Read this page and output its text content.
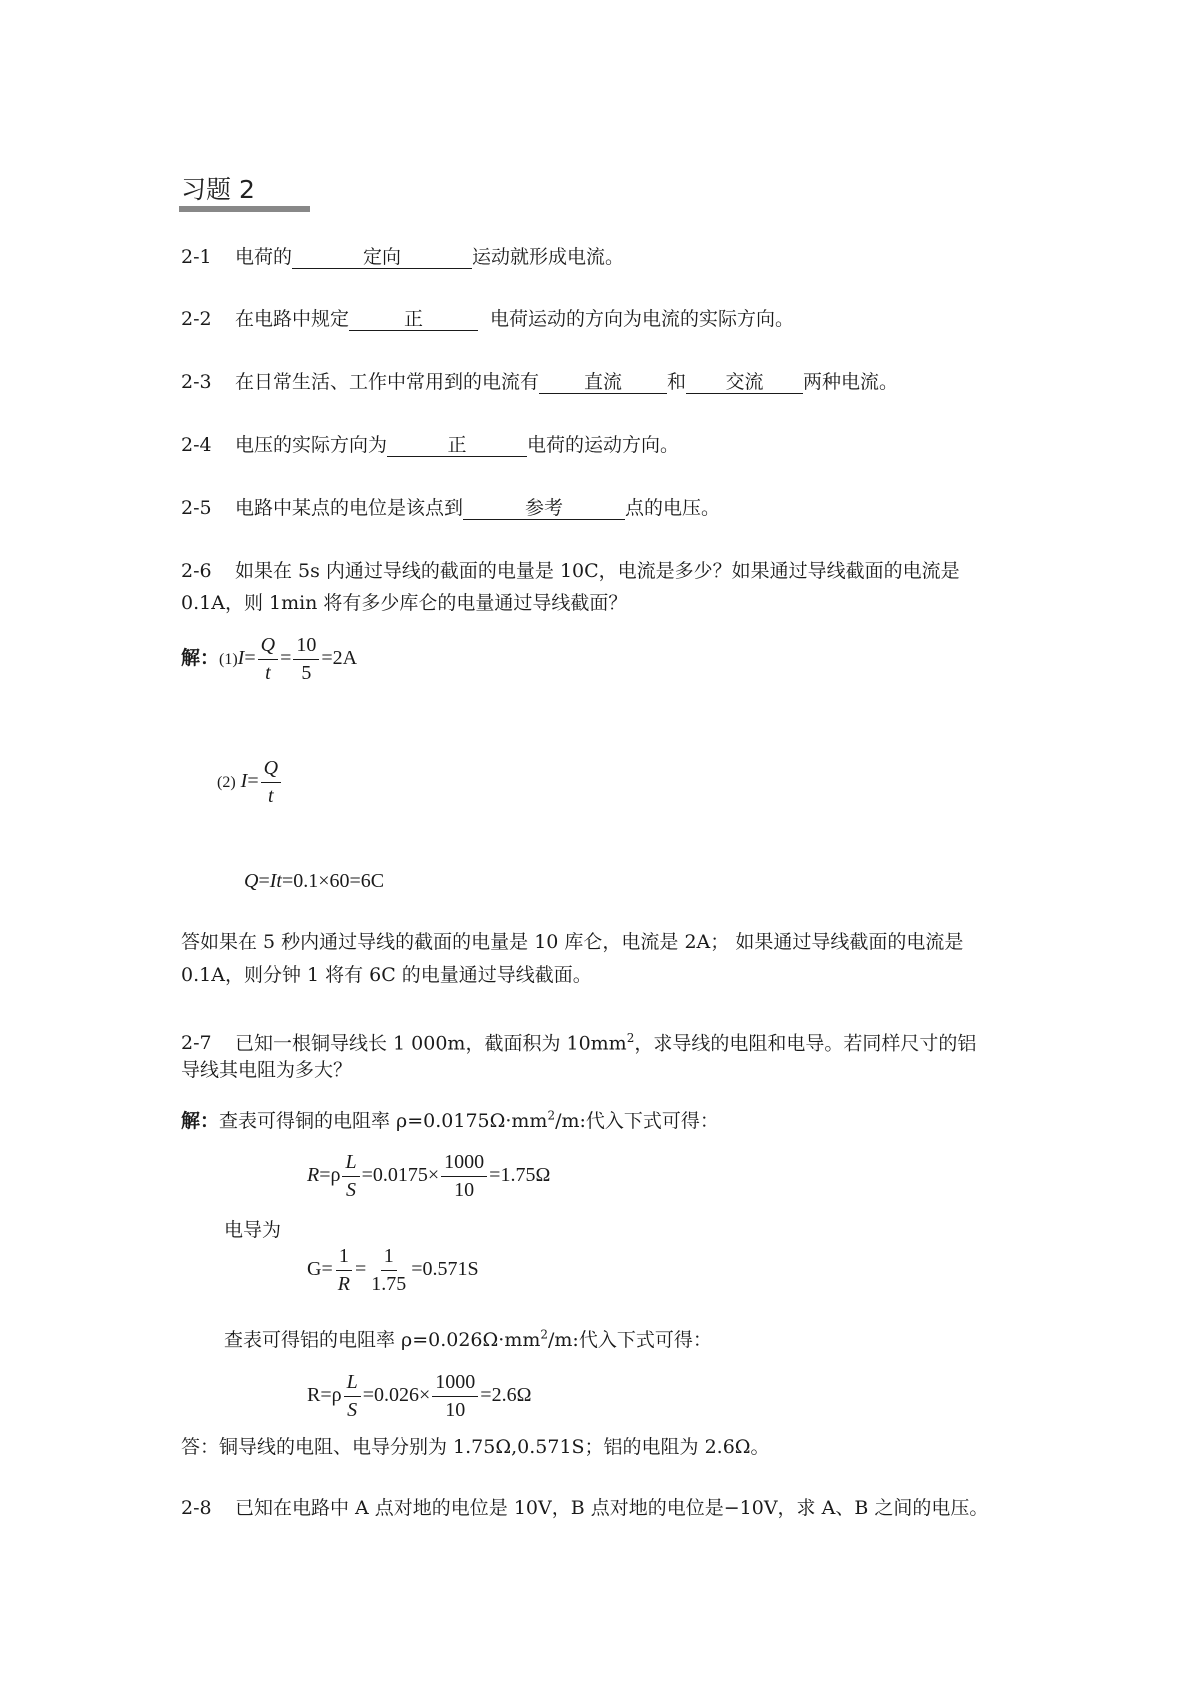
习题 2
2-1 电荷的	定向	运动就形成电流。
2-2 在电路中规定	正	电荷运动的方向为电流的实际方向。
2-3 在日常生活、工作中常用到的电流有 直流 和 交流 两种电流。
2-4 电压的实际方向为	正	电荷的运动方向。
2-5 电路中某点的电位是该点到	参考	点的电压。
2-6 如果在 5s 内通过导线的截面的电量是 10C，电流是多少？如果通过导线截面的电流是
0.1A，则 1min 将有多少库仑的电量通过导线截面？
解：$(1)I= \frac{Q}{t} = \frac{10}{5} =2A$
(2) $I= \frac{Q}{t}$
Q=It=0.1×60=6C
答如果在 5 秒内通过导线的截面的电量是 10 库仑，电流是 2A； 如果通过导线截面的电流是 0.1A，则分钟 1 将有 6C 的电量通过导线截面。
2-7 已知一根铜导线长 1 000m，截面积为 $10mm^2$，求导线的电阻和电导。若同样尺寸的铝
导线其电阻为多大？
解：查表可得铜的电阻率 $\rho=0.0175\Omega\cdot mm^2/m$:代入下式可得：
$R=\rho \frac{L}{S} =0.0175\times \frac{1000}{10} =1.75\Omega$
电导为
$G= \frac{1}{R} = \frac{1}{1.75} =0.571S$
查表可得铝的电阻率 $\rho=0.026\Omega\cdot mm^2/m$:代入下式可得：
$R=\rho \frac{L}{S} =0.026\times \frac{1000}{10} =2.6\Omega$
答：铜导线的电阻、电导分别为 1.75Ω,0.571S；铝的电阻为 2.6Ω。
2-8 已知在电路中 A 点对地的电位是 10V，B 点对地的电位是−10V，求 A、B 之间的电压。
